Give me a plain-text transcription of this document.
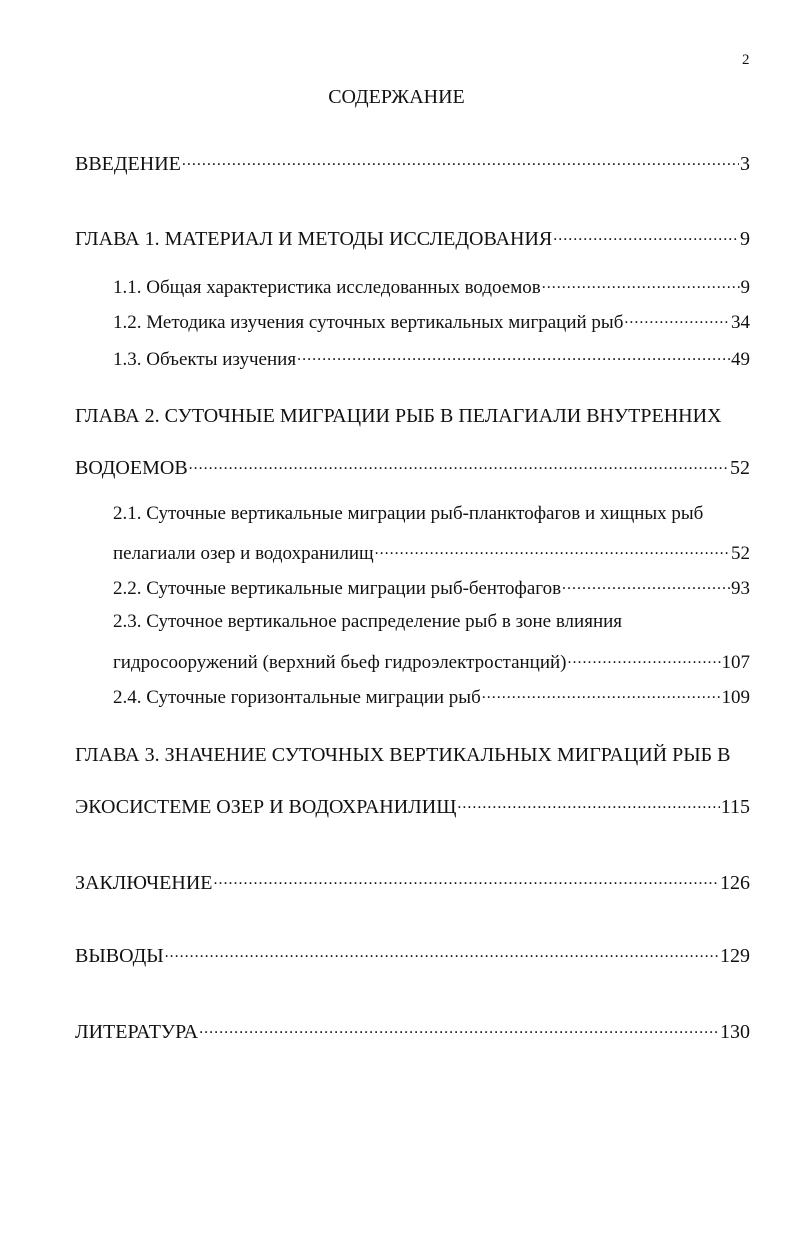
2
СОДЕРЖАНИЕ
ВВЕДЕНИЕ .....	3
ГЛАВА 1. МАТЕРИАЛ И МЕТОДЫ ИССЛЕДОВАНИЯ .....	9
1.1. Общая характеристика исследованных водоемов .....	9
1.2. Методика изучения суточных вертикальных миграций рыб .....	34
1.3. Объекты изучения .....	49
ГЛАВА 2. СУТОЧНЫЕ МИГРАЦИИ РЫБ В ПЕЛАГИАЛИ ВНУТРЕННИХ
ВОДОЕМОВ .....	52
2.1. Суточные вертикальные миграции рыб-планктофагов и хищных рыб
пелагиали озер и водохранилищ .....	52
2.2. Суточные вертикальные миграции рыб-бентофагов .....	93
2.3. Суточное вертикальное распределение рыб в зоне влияния
гидросооружений (верхний бьеф гидроэлектростанций) .....	107
2.4. Суточные горизонтальные миграции рыб .....	109
ГЛАВА 3. ЗНАЧЕНИЕ СУТОЧНЫХ ВЕРТИКАЛЬНЫХ МИГРАЦИЙ РЫБ В
ЭКОСИСТЕМЕ ОЗЕР И ВОДОХРАНИЛИЩ .....	115
ЗАКЛЮЧЕНИЕ .....	126
ВЫВОДЫ .....	129
ЛИТЕРАТУРА .....	130
